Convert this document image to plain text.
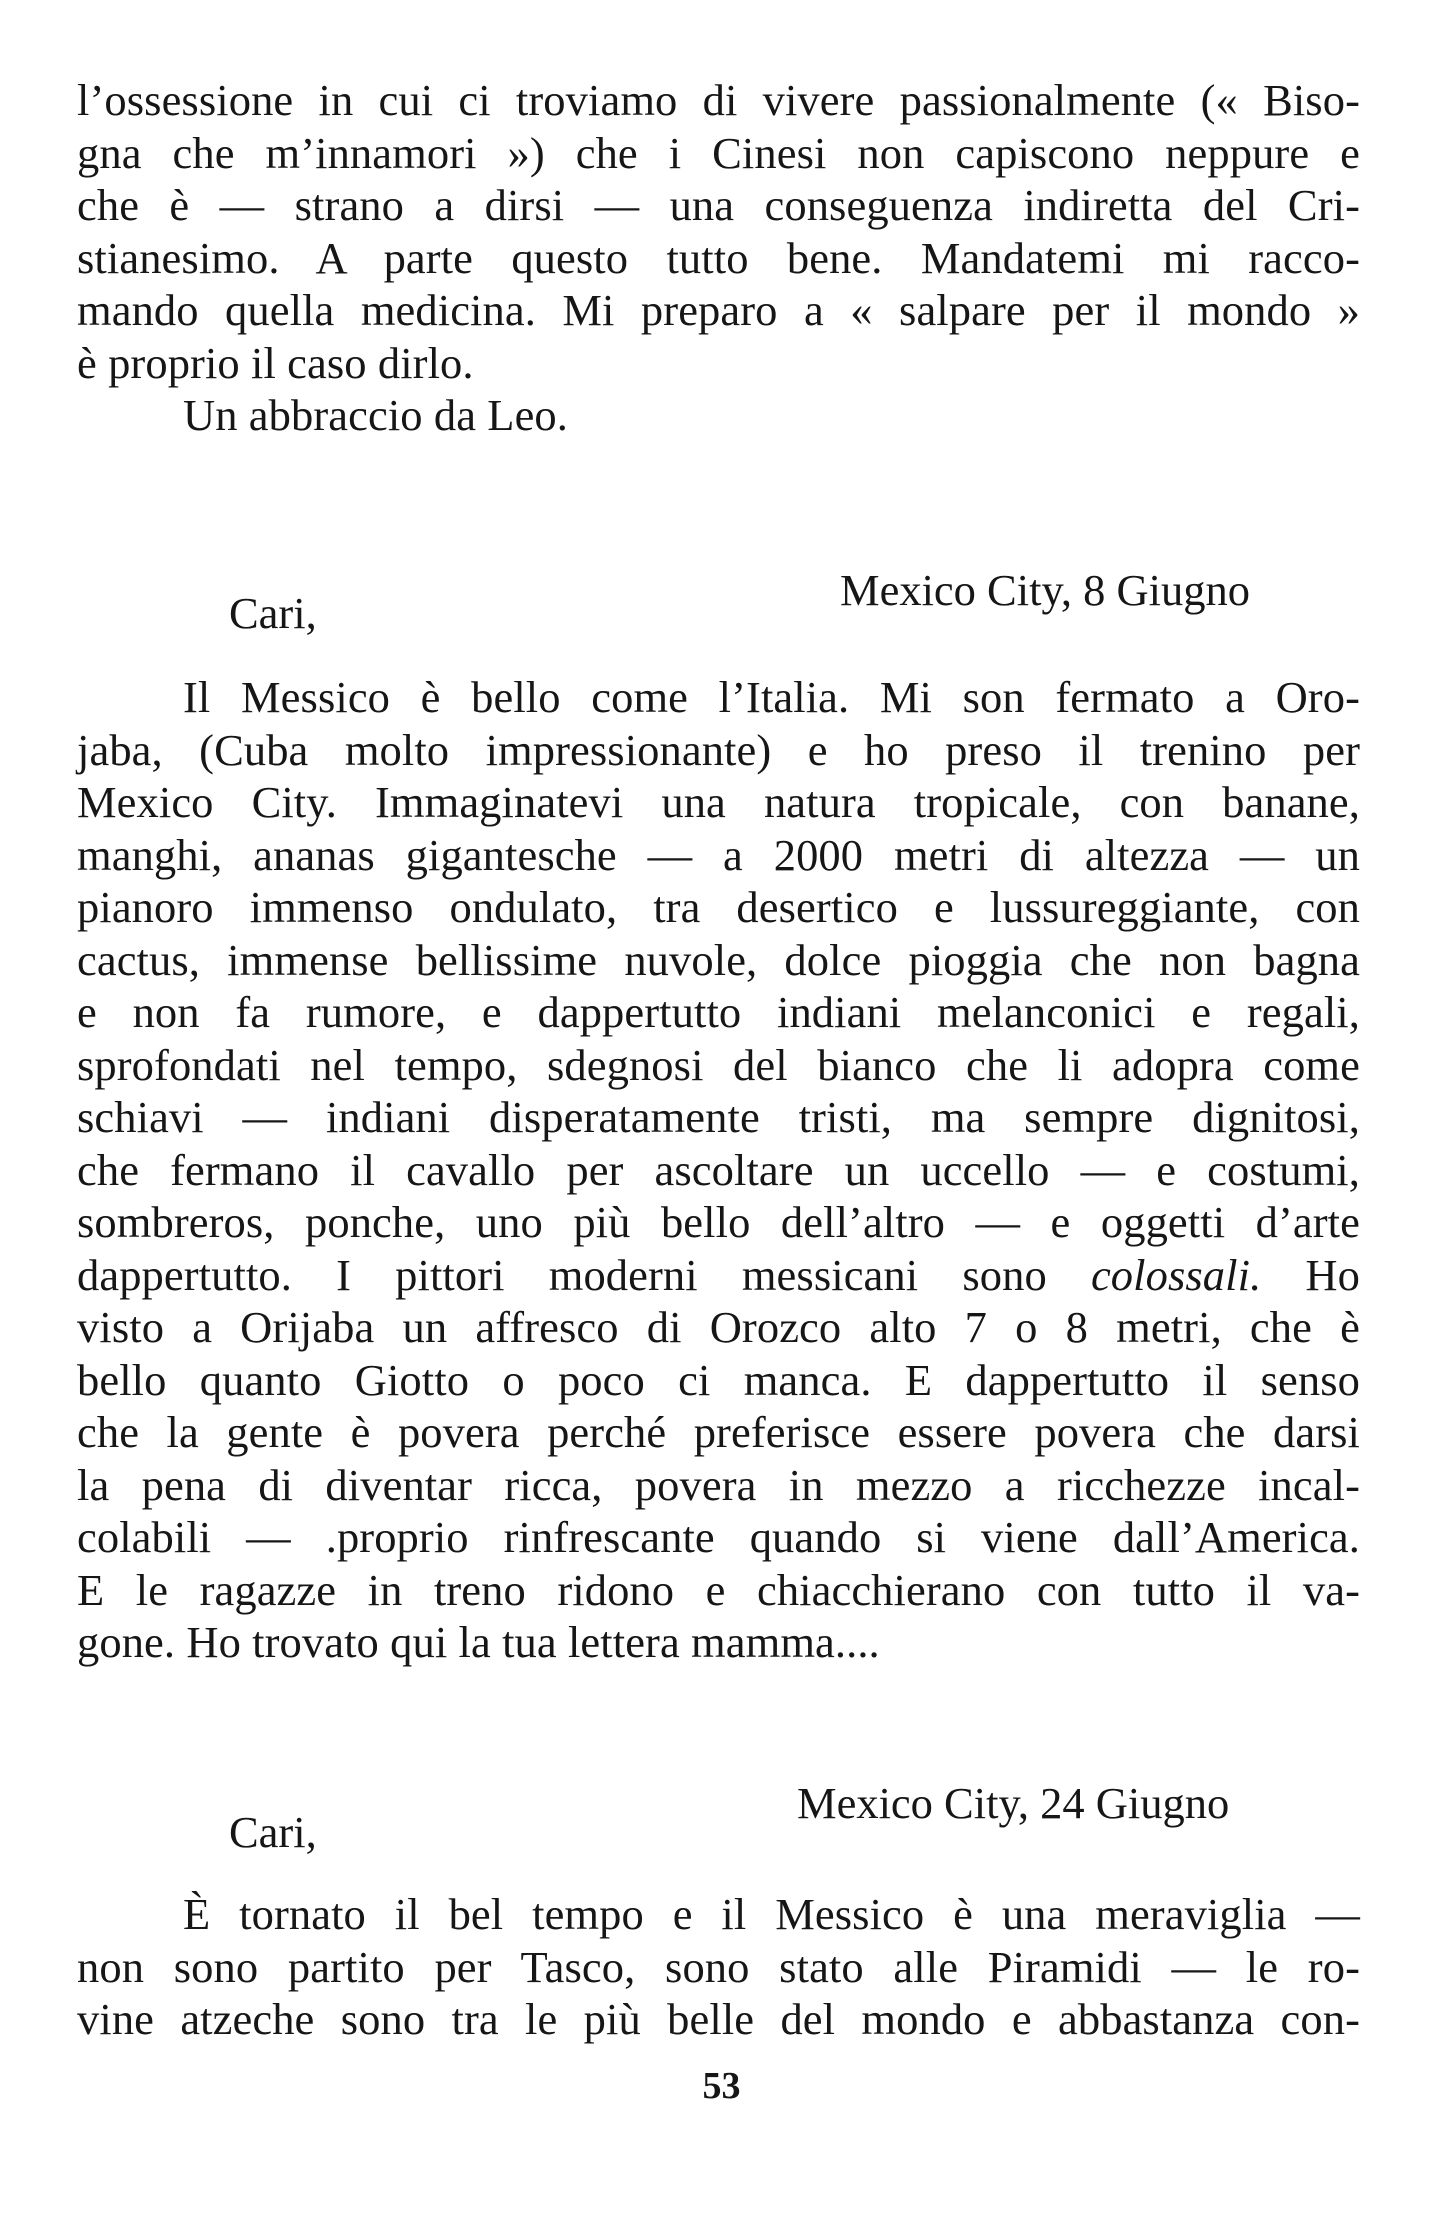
l’ossessione in cui ci troviamo di vivere passionalmente (« Biso-
gna che m’innamori ») che i Cinesi non capiscono neppure e
che è — strano a dirsi — una conseguenza indiretta del Cri-
stianesimo. A parte questo tutto bene. Mandatemi mi racco-
mando quella medicina. Mi preparo a « salpare per il mondo »
è proprio il caso dirlo.
Un abbraccio da Leo.
Mexico City, 8 Giugno
Cari,
Il Messico è bello come l’Italia. Mi son fermato a Oro-
jaba, (Cuba molto impressionante) e ho preso il trenino per
Mexico City. Immaginatevi una natura tropicale, con banane,
manghi, ananas gigantesche — a 2000 metri di altezza — un
pianoro immenso ondulato, tra desertico e lussureggiante, con
cactus, immense bellissime nuvole, dolce pioggia che non bagna
e non fa rumore, e dappertutto indiani melanconici e regali,
sprofondati nel tempo, sdegnosi del bianco che li adopra come
schiavi — indiani disperatamente tristi, ma sempre dignitosi,
che fermano il cavallo per ascoltare un uccello — e costumi,
sombreros, ponche, uno più bello dell’altro — e oggetti d’arte
dappertutto. I pittori moderni messicani sono colossali. Ho
visto a Orijaba un affresco di Orozco alto 7 o 8 metri, che è
bello quanto Giotto o poco ci manca. E dappertutto il senso
che la gente è povera perché preferisce essere povera che darsi
la pena di diventar ricca, povera in mezzo a ricchezze incal-
colabili — .proprio rinfrescante quando si viene dall’America.
E le ragazze in treno ridono e chiacchierano con tutto il va-
gone. Ho trovato qui la tua lettera mamma....
Mexico City, 24 Giugno
Cari,
È tornato il bel tempo e il Messico è una meraviglia —
non sono partito per Tasco, sono stato alle Piramidi — le ro-
vine atzeche sono tra le più belle del mondo e abbastanza con-
53
